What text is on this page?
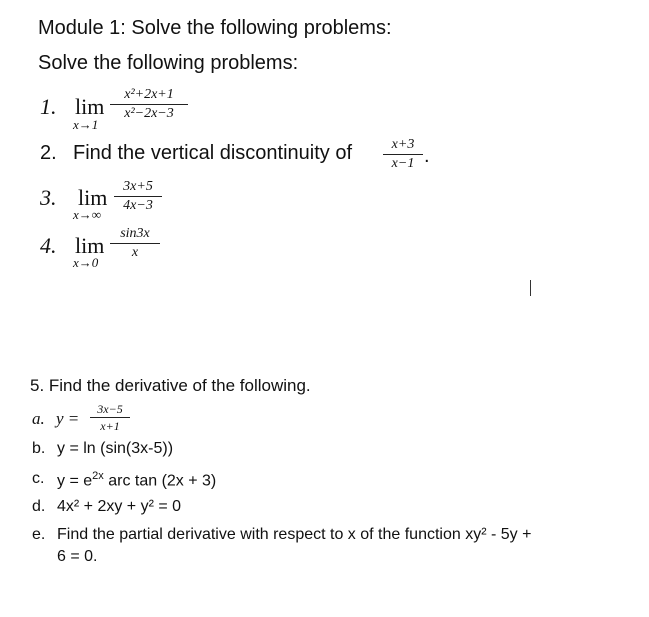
Module 1: Solve the following problems:
Solve the following problems:
1. lim
x→1
x²+2x+1
x²−2x−3
2. Find the vertical discontinuity of	x+3
x−1 .
3. lim
x→∞
3x+5
4x−3
4. lim
x→0
sin3x
x
5. Find the derivative of the following.
a. y =	3x−5
x+1
b. y = ln (sin(3x-5))
c. $y = e^{2x}$ arc tan (2x + 3)
d. 4x² + 2xy + y² = 0
e. Find the partial derivative with respect to x of the function xy² - 5y +
6 = 0.
